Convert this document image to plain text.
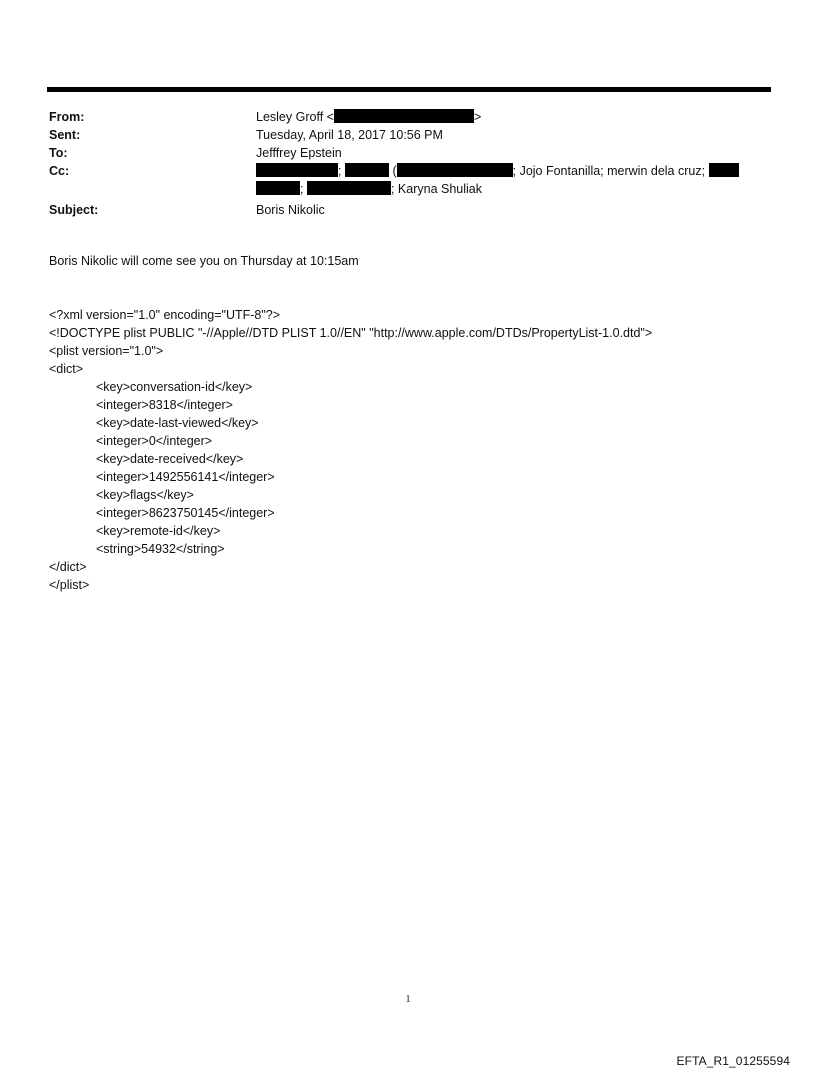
From:	Lesley Groff <	>
Sent:	Tuesday, April 18, 2017 10:56 PM
To:	Jefffrey Epstein
Cc:	;	(	; Jojo Fontanilla; merwin dela cruz;
;	; Karyna Shuliak
Subject:	Boris Nikolic
Boris Nikolic will come see you on Thursday at 10:15am
<?xml version="1.0" encoding="UTF-8"?>
<!DOCTYPE plist PUBLIC "-//Apple//DTD PLIST 1.0//EN" "http://www.apple.com/DTDs/PropertyList-1.0.dtd">
<plist version="1.0">
<dict>
<key>conversation-id</key>
<integer>8318</integer>
<key>date-last-viewed</key>
<integer>0</integer>
<key>date-received</key>
<integer>1492556141</integer>
<key>flags</key>
<integer>8623750145</integer>
<key>remote-id</key>
<string>54932</string>
</dict>
</plist>
1
EFTA_R1_01255594
